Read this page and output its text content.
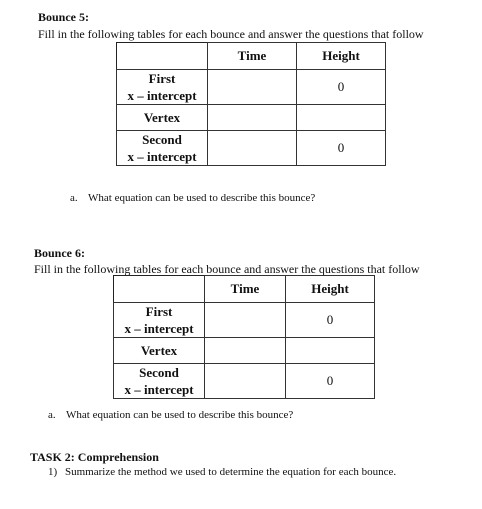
Bounce 5:
Fill in the following tables for each bounce and answer the questions that follow
	Time	Height

First
x – intercept		0

Vertex		

Second
x – intercept		0
a. What equation can be used to describe this bounce?
Bounce 6:
Fill in the following tables for each bounce and answer the questions that follow
	Time	Height

First
x – intercept		0

Vertex		

Second
x – intercept		0
a. What equation can be used to describe this bounce?
TASK 2: Comprehension
1) Summarize the method we used to determine the equation for each bounce.
